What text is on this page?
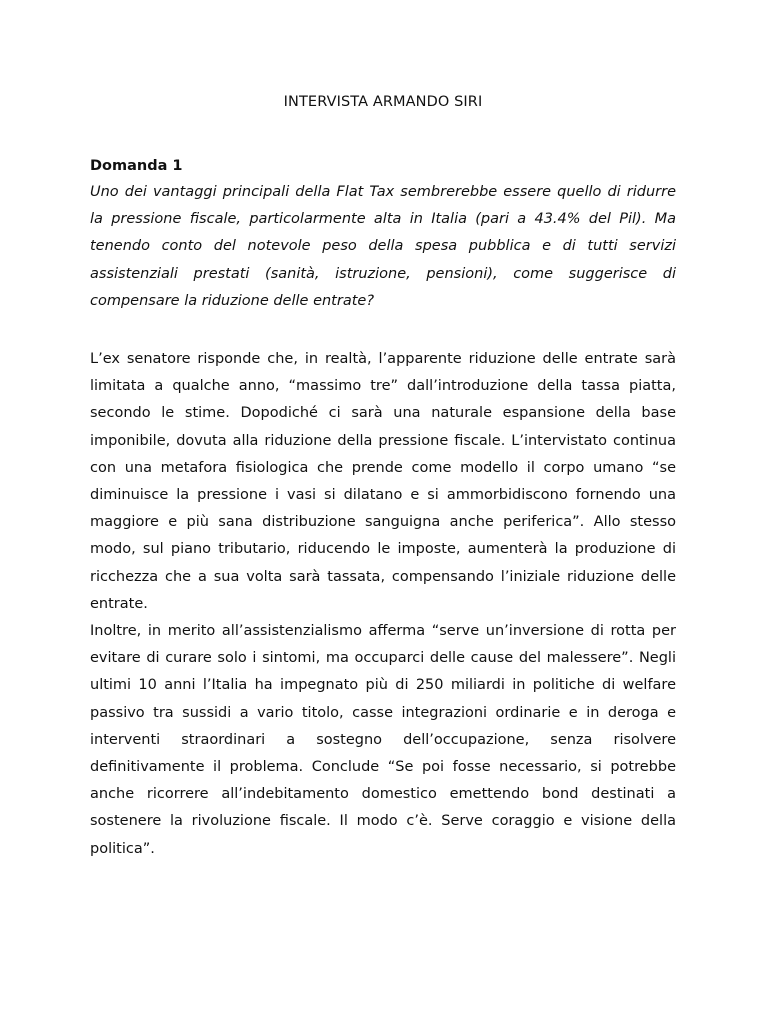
INTERVISTA ARMANDO SIRI
Domanda 1

Uno dei vantaggi principali della Flat Tax sembrerebbe essere quello di ridurre la pressione fiscale, particolarmente alta in Italia (pari a 43.4% del Pil). Ma tenendo conto del notevole peso della spesa pubblica e di tutti servizi assistenziali prestati (sanità, istruzione, pensioni), come suggerisce di compensare la riduzione delle entrate?

L’ex senatore risponde che, in realtà, l’apparente riduzione delle entrate sarà limitata a qualche anno, “massimo tre” dall’introduzione della tassa piatta, secondo le stime. Dopodiché ci sarà una naturale espansione della base imponibile, dovuta alla riduzione della pressione fiscale. L’intervistato continua con una metafora fisiologica che prende come modello il corpo umano “se diminuisce la pressione i vasi si dilatano e si ammorbidiscono fornendo una maggiore e più sana distribuzione sanguigna anche periferica”. Allo stesso modo, sul piano tributario, riducendo le imposte, aumenterà la produzione di ricchezza che a sua volta sarà tassata, compensando l’iniziale riduzione delle entrate.

Inoltre, in merito all’assistenzialismo afferma “serve un’inversione di rotta per evitare di curare solo i sintomi, ma occuparci delle cause del malessere”. Negli ultimi 10 anni l’Italia ha impegnato più di 250 miliardi in politiche di welfare passivo tra sussidi a vario titolo, casse integrazioni ordinarie e in deroga e interventi straordinari a sostegno dell’occupazione, senza risolvere definitivamente il problema. Conclude “Se poi fosse necessario, si potrebbe anche ricorrere all’indebitamento domestico emettendo bond destinati a sostenere la rivoluzione fiscale. Il modo c’è. Serve coraggio e visione della politica”.
